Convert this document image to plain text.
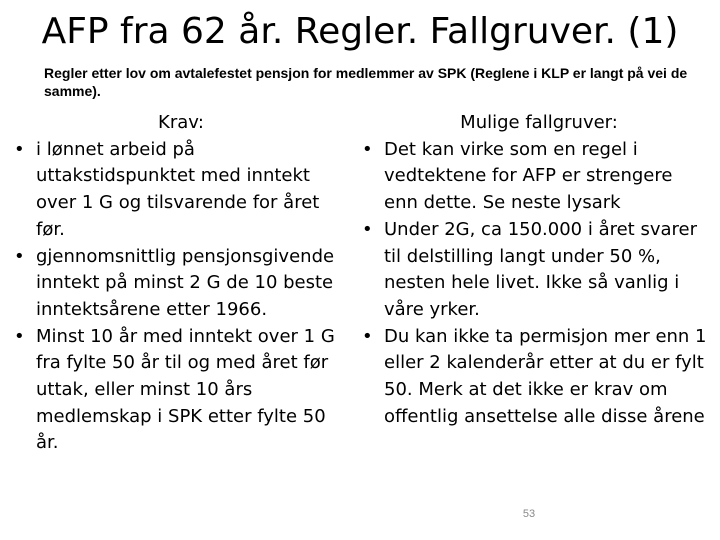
AFP fra 62 år. Regler. Fallgruver. (1)
Regler etter lov om avtalefestet pensjon for medlemmer av SPK (Reglene i KLP er langt på vei de samme).
Krav:
• i lønnet arbeid på uttakstidspunktet med inntekt over 1 G og tilsvarende for året før.
• gjennomsnittlig pensjonsgivende inntekt på minst 2 G de 10 beste inntektsårene etter 1966.
• Minst 10 år med inntekt over 1 G fra fylte 50 år til og med året før uttak, eller minst 10 års medlemskap i SPK etter fylte 50 år.
Mulige fallgruver:
• Det kan virke som en regel i vedtektene for AFP er strengere enn dette. Se neste lysark
• Under 2G, ca 150.000 i året svarer til delstilling langt under 50 %, nesten hele livet. Ikke så vanlig i våre yrker.
• Du kan ikke ta permisjon mer enn 1 eller 2 kalenderår etter at du er fylt 50. Merk at det ikke er krav om offentlig ansettelse alle disse årene
53
